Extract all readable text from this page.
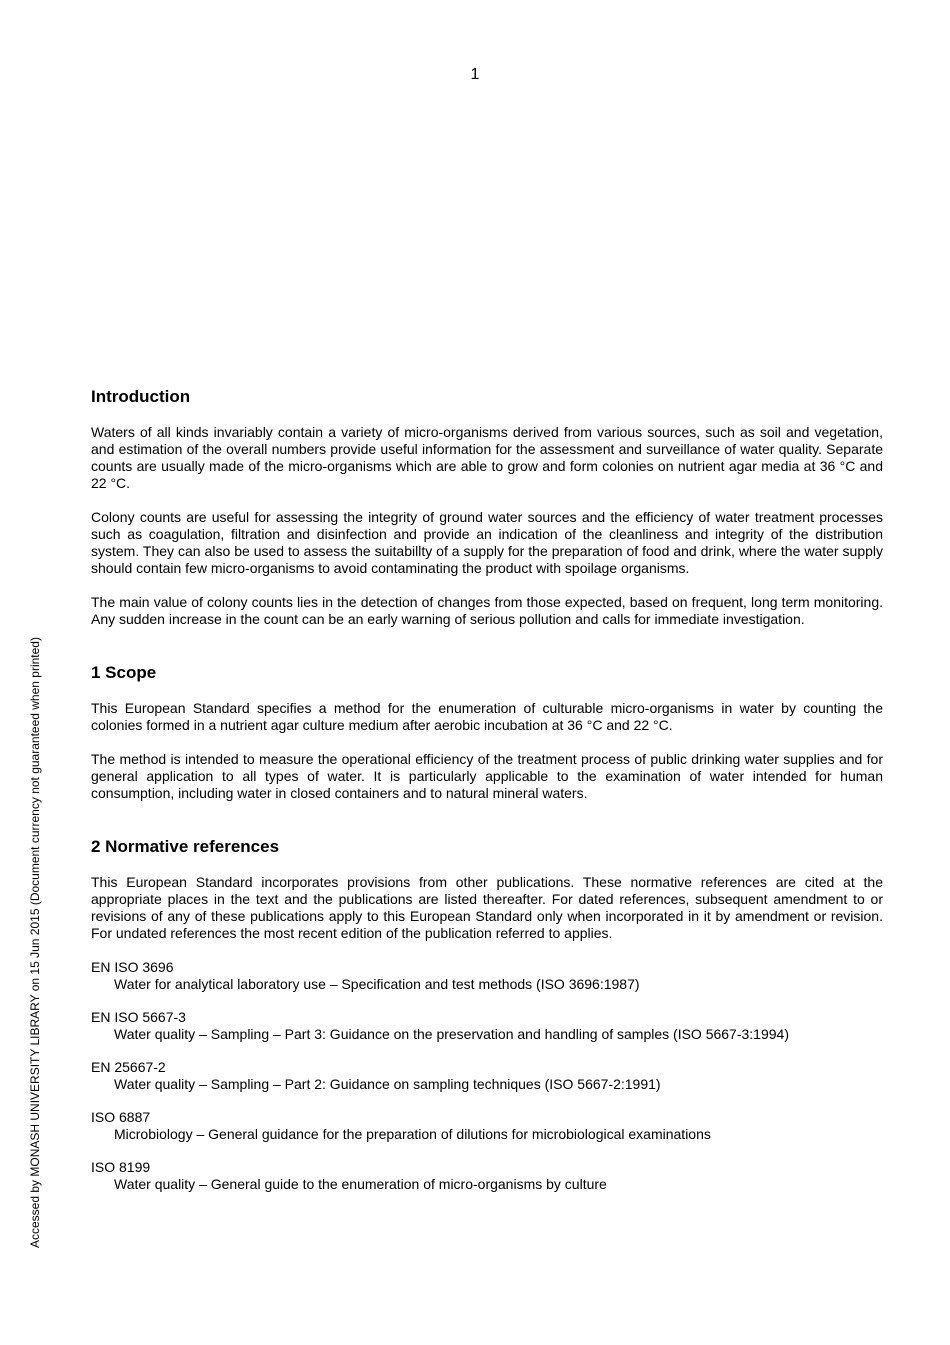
1
Accessed by MONASH UNIVERSITY LIBRARY on 15 Jun 2015 (Document currency not guaranteed when printed)
Introduction

Waters of all kinds invariably contain a variety of micro-organisms derived from various sources, such as soil and vegetation, and estimation of the overall numbers provide useful information for the assessment and surveillance of water quality. Separate counts are usually made of the micro-organisms which are able to grow and form colonies on nutrient agar media at 36 °C and 22 °C.

Colony counts are useful for assessing the integrity of ground water sources and the efficiency of water treatment processes such as coagulation, filtration and disinfection and provide an indication of the cleanliness and integrity of the distribution system. They can also be used to assess the suitabillty of a supply for the preparation of food and drink, where the water supply should contain few micro-organisms to avoid contaminating the product with spoilage organisms.

The main value of colony counts lies in the detection of changes from those expected, based on frequent, long term monitoring. Any sudden increase in the count can be an early warning of serious pollution and calls for immediate investigation.

1 Scope

This European Standard specifies a method for the enumeration of culturable micro-organisms in water by counting the colonies formed in a nutrient agar culture medium after aerobic incubation at 36 °C and 22 °C.

The method is intended to measure the operational efficiency of the treatment process of public drinking water supplies and for general application to all types of water. It is particularly applicable to the examination of water intended for human consumption, including water in closed containers and to natural mineral waters.

2 Normative references

This European Standard incorporates provisions from other publications. These normative references are cited at the appropriate places in the text and the publications are listed thereafter. For dated references, subsequent amendment to or revisions of any of these publications apply to this European Standard only when incorporated in it by amendment or revision. For undated references the most recent edition of the publication referred to applies.

EN ISO 3696
Water for analytical laboratory use – Specification and test methods (ISO 3696:1987)
EN ISO 5667-3
Water quality – Sampling – Part 3: Guidance on the preservation and handling of samples (ISO 5667-3:1994)
EN 25667-2
Water quality – Sampling – Part 2: Guidance on sampling techniques (ISO 5667-2:1991)
ISO 6887
Microbiology – General guidance for the preparation of dilutions for microbiological examinations
ISO 8199
Water quality – General guide to the enumeration of micro-organisms by culture
